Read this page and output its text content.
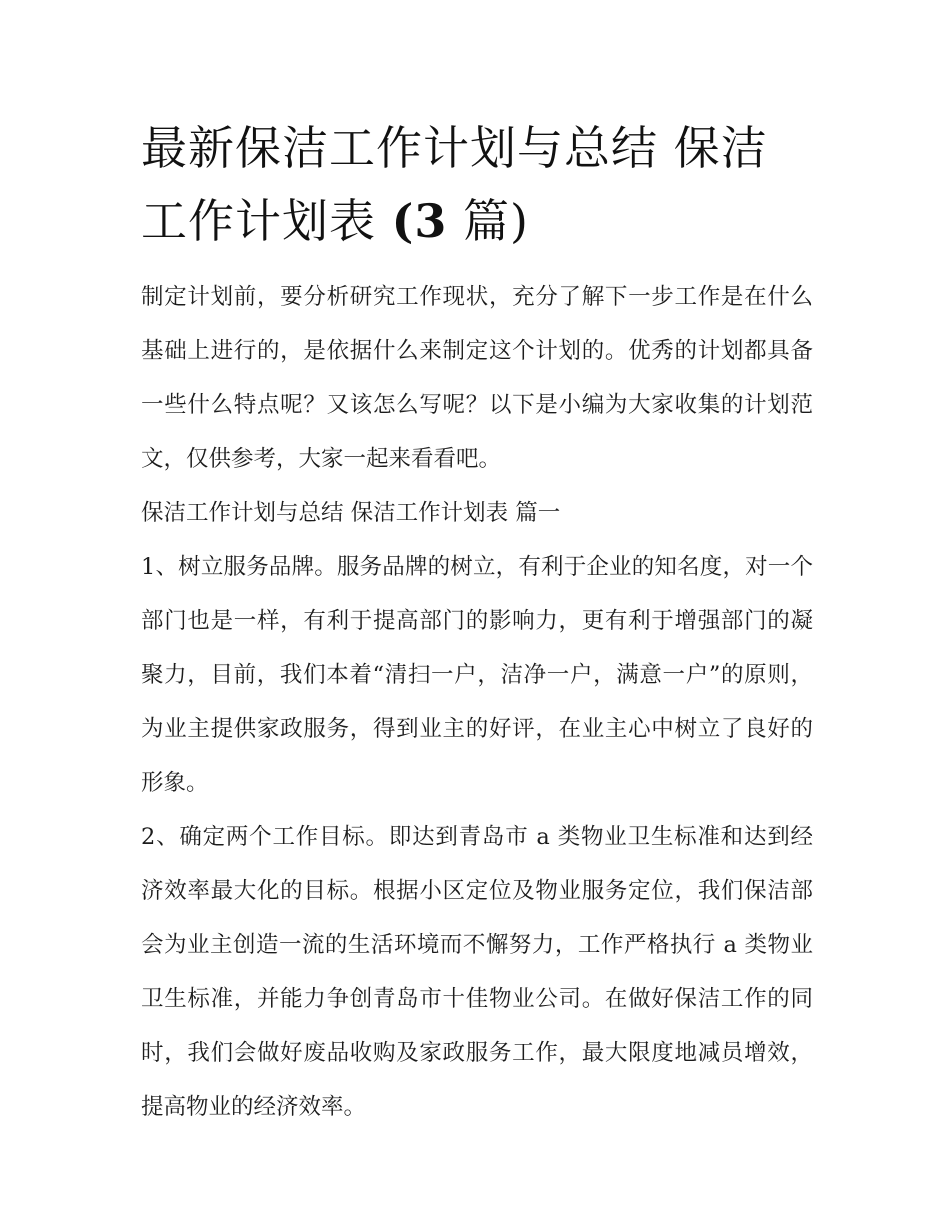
最新保洁工作计划与总结 保洁工作计划表 (3 篇)

制定计划前，要分析研究工作现状，充分了解下一步工作是在什么基础上进行的，是依据什么来制定这个计划的。优秀的计划都具备一些什么特点呢？又该怎么写呢？以下是小编为大家收集的计划范文，仅供参考，大家一起来看看吧。

保洁工作计划与总结 保洁工作计划表 篇一

1、树立服务品牌。服务品牌的树立，有利于企业的知名度，对一个部门也是一样，有利于提高部门的影响力，更有利于增强部门的凝聚力，目前，我们本着“清扫一户，洁净一户，满意一户”的原则，为业主提供家政服务，得到业主的好评，在业主心中树立了良好的形象。

2、确定两个工作目标。即达到青岛市 a 类物业卫生标准和达到经济效率最大化的目标。根据小区定位及物业服务定位，我们保洁部会为业主创造一流的生活环境而不懈努力，工作严格执行 a 类物业卫生标准，并能力争创青岛市十佳物业公司。在做好保洁工作的同时，我们会做好废品收购及家政服务工作，最大限度地减员增效，提高物业的经济效率。
